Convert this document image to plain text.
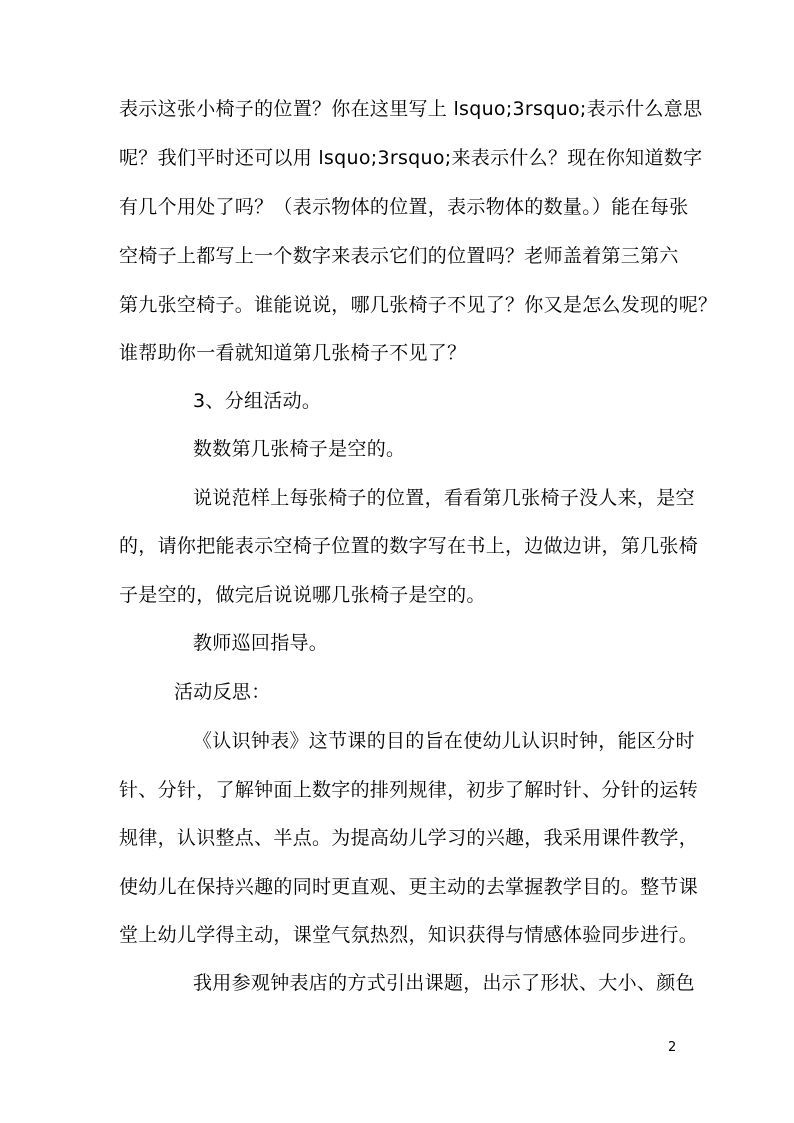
表示这张小椅子的位置？你在这里写上 lsquo;3rsquo;表示什么意思
呢？我们平时还可以用 lsquo;3rsquo;来表示什么？现在你知道数字
有几个用处了吗？（表示物体的位置，表示物体的数量。）能在每张
空椅子上都写上一个数字来表示它们的位置吗？老师盖着第三第六
第九张空椅子。谁能说说，哪几张椅子不见了？你又是怎么发现的呢？
谁帮助你一看就知道第几张椅子不见了？
3、分组活动。
数数第几张椅子是空的。
说说范样上每张椅子的位置，看看第几张椅子没人来，是空
的，请你把能表示空椅子位置的数字写在书上，边做边讲，第几张椅
子是空的，做完后说说哪几张椅子是空的。
教师巡回指导。
活动反思：
《认识钟表》这节课的目的旨在使幼儿认识时钟，能区分时
针、分针，了解钟面上数字的排列规律，初步了解时针、分针的运转
规律，认识整点、半点。为提高幼儿学习的兴趣，我采用课件教学，
使幼儿在保持兴趣的同时更直观、更主动的去掌握教学目的。整节课
堂上幼儿学得主动，课堂气氛热烈，知识获得与情感体验同步进行。
我用参观钟表店的方式引出课题，出示了形状、大小、颜色
2
